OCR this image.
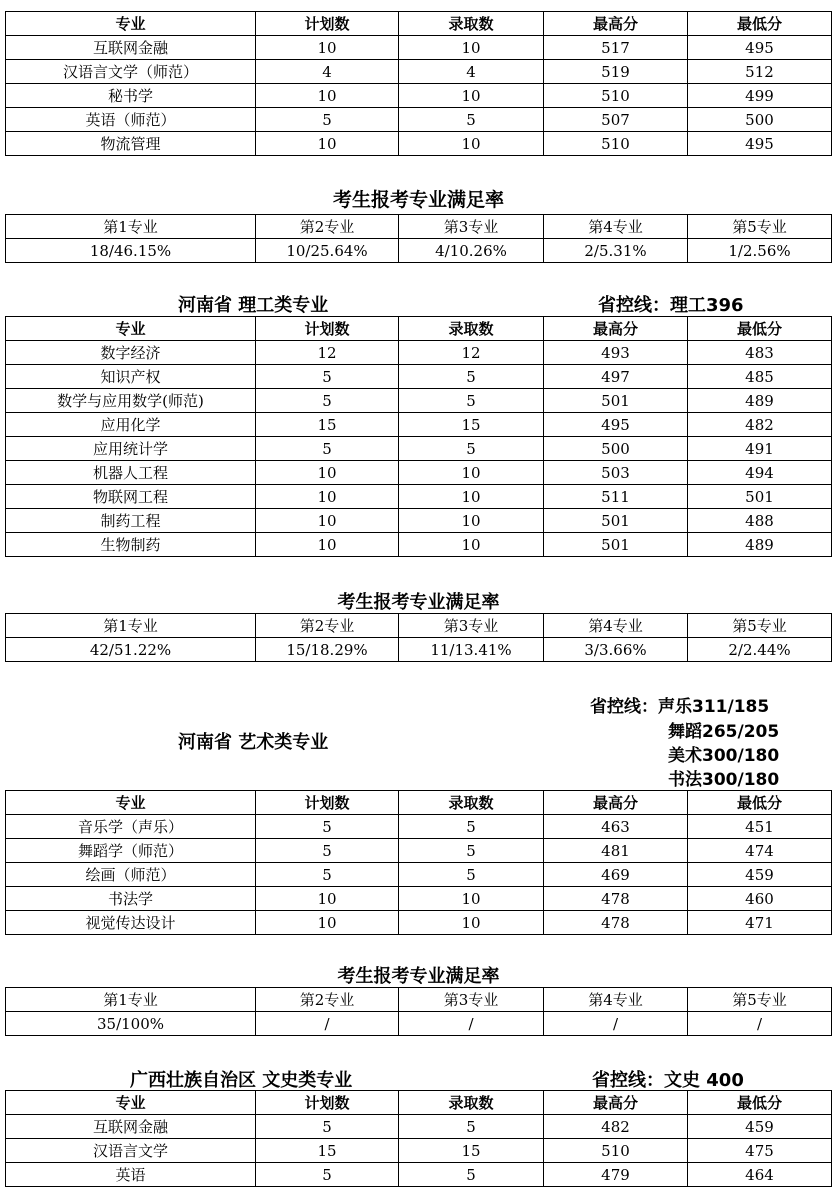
专业	计划数	录取数	最高分	最低分
互联网金融	10	10	517	495
汉语言文学（师范）	4	4	519	512
秘书学	10	10	510	499
英语（师范）	5	5	507	500
物流管理	10	10	510	495
考生报考专业满足率
第1专业	第2专业	第3专业	第4专业	第5专业
18/46.15%	10/25.64%	4/10.26%	2/5.31%	1/2.56%
河南省 理工类专业	省控线：理工396
专业	计划数	录取数	最高分	最低分
数字经济	12	12	493	483
知识产权	5	5	497	485
数学与应用数学(师范)	5	5	501	489
应用化学	15	15	495	482
应用统计学	5	5	500	491
机器人工程	10	10	503	494
物联网工程	10	10	511	501
制药工程	10	10	501	488
生物制药	10	10	501	489
考生报考专业满足率
第1专业	第2专业	第3专业	第4专业	第5专业
42/51.22%	15/18.29%	11/13.41%	3/3.66%	2/2.44%
省控线：声乐311/185
舞蹈265/205
美术300/180
书法300/180
河南省 艺术类专业
专业	计划数	录取数	最高分	最低分
音乐学（声乐）	5	5	463	451
舞蹈学（师范）	5	5	481	474
绘画（师范）	5	5	469	459
书法学	10	10	478	460
视觉传达设计	10	10	478	471
考生报考专业满足率
第1专业	第2专业	第3专业	第4专业	第5专业
35/100%	/	/	/	/
广西壮族自治区 文史类专业	省控线：文史 400
专业	计划数	录取数	最高分	最低分
互联网金融	5	5	482	459
汉语言文学	15	15	510	475
英语	5	5	479	464
